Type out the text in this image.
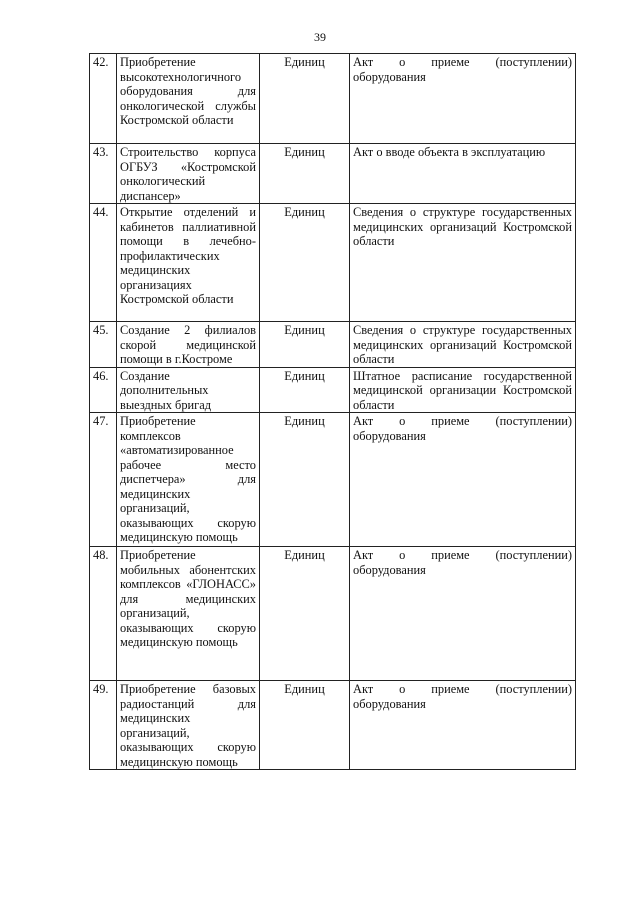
39
42.	Приобретение высокотехнологичного оборудования для онкологической службы Костромской области	Единиц	Акт о приеме (поступлении) оборудования
43.	Строительство корпуса ОГБУЗ «Костромской онкологический диспансер»	Единиц	Акт о вводе объекта в эксплуатацию
44.	Открытие отделений и кабинетов паллиативной помощи в лечебно-профилактических медицинских организациях Костромской области	Единиц	Сведения о структуре государственных медицинских организаций Костромской области
45.	Создание 2 филиалов скорой медицинской помощи в г.Костроме	Единиц	Сведения о структуре государственных медицинских организаций Костромской области
46.	Создание дополнительных выездных бригад	Единиц	Штатное расписание государственной медицинской организации Костромской области
47.	Приобретение комплексов «автоматизированное рабочее место диспетчера» для медицинских организаций, оказывающих скорую медицинскую помощь	Единиц	Акт о приеме (поступлении) оборудования
48.	Приобретение мобильных абонентских комплексов «ГЛОНАСС» для медицинских организаций, оказывающих скорую медицинскую помощь	Единиц	Акт о приеме (поступлении) оборудования
49.	Приобретение базовых радиостанций для медицинских организаций, оказывающих скорую медицинскую помощь	Единиц	Акт о приеме (поступлении) оборудования
